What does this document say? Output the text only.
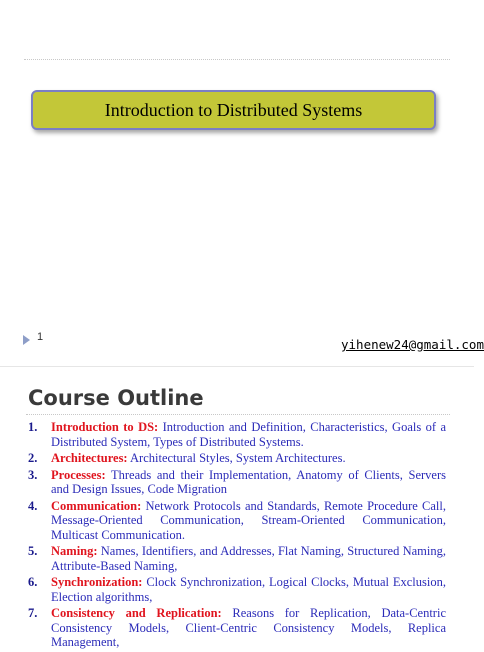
Introduction to Distributed Systems
1	yihenew24@gmail.com
Course Outline
1.	Introduction to DS: Introduction and Definition, Characteristics, Goals of a Distributed System, Types of Distributed Systems.
2.	Architectures: Architectural Styles, System Architectures.
3.	Processes: Threads and their Implementation, Anatomy of Clients, Servers and Design Issues, Code Migration
4.	Communication: Network Protocols and Standards, Remote Procedure Call, Message-Oriented Communication, Stream-Oriented Communication, Multicast Communication.
5.	Naming: Names, Identifiers, and Addresses, Flat Naming, Structured Naming, Attribute-Based Naming,
6.	Synchronization: Clock Synchronization, Logical Clocks, Mutual Exclusion, Election algorithms,
7.	Consistency and Replication: Reasons for Replication, Data-Centric Consistency Models, Client-Centric Consistency Models, Replica Management,
